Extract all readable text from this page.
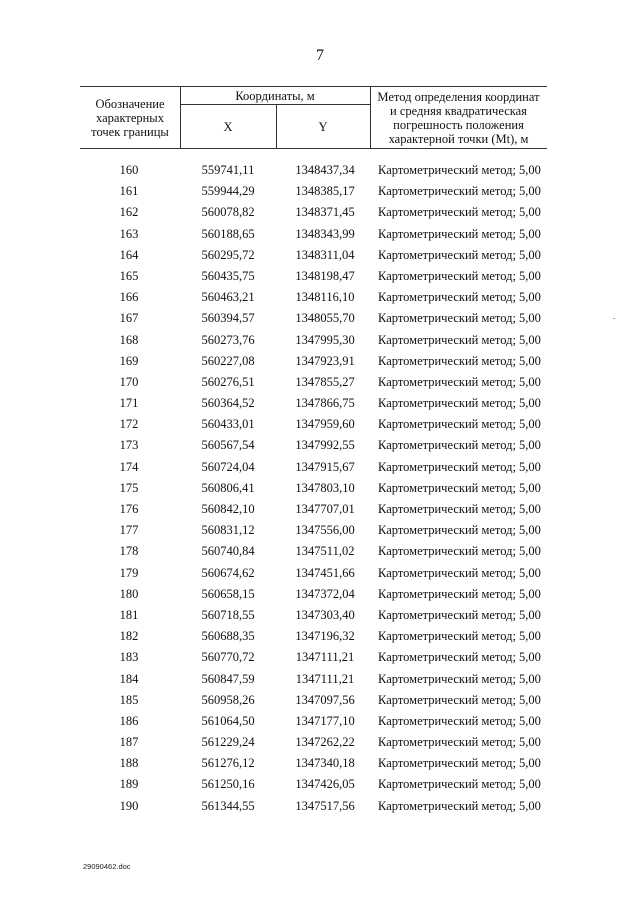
7
Обозначение характерных точек границы
Координаты, м
X	Y
Метод определения координат и средняя квадратическая погрешность положения характерной точки (Mt), м
160	559741,11	1348437,34	Картометрический метод; 5,00
161	559944,29	1348385,17	Картометрический метод; 5,00
162	560078,82	1348371,45	Картометрический метод; 5,00
163	560188,65	1348343,99	Картометрический метод; 5,00
164	560295,72	1348311,04	Картометрический метод; 5,00
165	560435,75	1348198,47	Картометрический метод; 5,00
166	560463,21	1348116,10	Картометрический метод; 5,00
167	560394,57	1348055,70	Картометрический метод; 5,00
168	560273,76	1347995,30	Картометрический метод; 5,00
169	560227,08	1347923,91	Картометрический метод; 5,00
170	560276,51	1347855,27	Картометрический метод; 5,00
171	560364,52	1347866,75	Картометрический метод; 5,00
172	560433,01	1347959,60	Картометрический метод; 5,00
173	560567,54	1347992,55	Картометрический метод; 5,00
174	560724,04	1347915,67	Картометрический метод; 5,00
175	560806,41	1347803,10	Картометрический метод; 5,00
176	560842,10	1347707,01	Картометрический метод; 5,00
177	560831,12	1347556,00	Картометрический метод; 5,00
178	560740,84	1347511,02	Картометрический метод; 5,00
179	560674,62	1347451,66	Картометрический метод; 5,00
180	560658,15	1347372,04	Картометрический метод; 5,00
181	560718,55	1347303,40	Картометрический метод; 5,00
182	560688,35	1347196,32	Картометрический метод; 5,00
183	560770,72	1347111,21	Картометрический метод; 5,00
184	560847,59	1347111,21	Картометрический метод; 5,00
185	560958,26	1347097,56	Картометрический метод; 5,00
186	561064,50	1347177,10	Картометрический метод; 5,00
187	561229,24	1347262,22	Картометрический метод; 5,00
188	561276,12	1347340,18	Картометрический метод; 5,00
189	561250,16	1347426,05	Картометрический метод; 5,00
190	561344,55	1347517,56	Картометрический метод; 5,00
29090462.doc
